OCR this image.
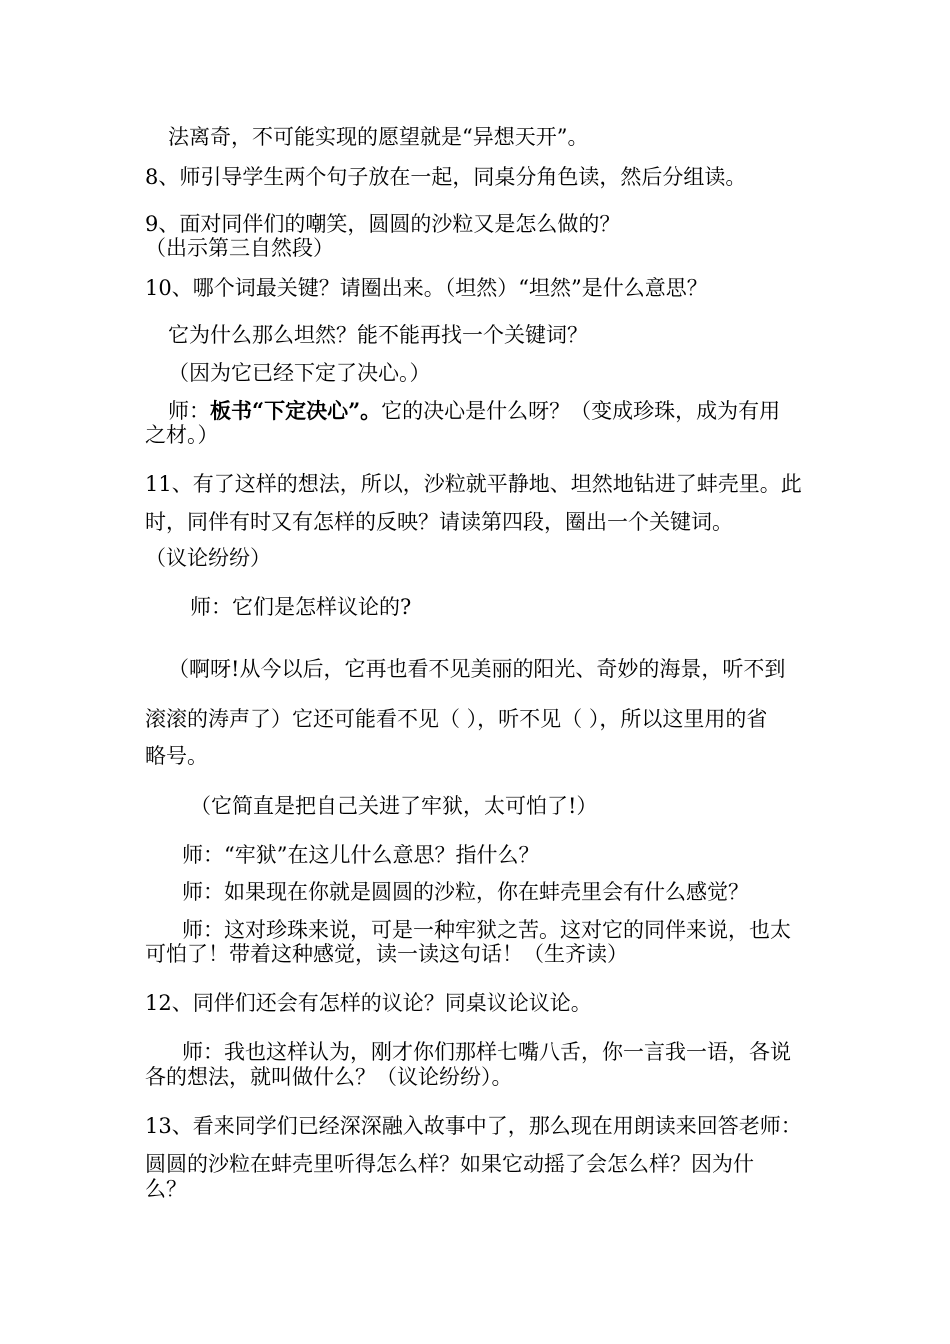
法离奇，不可能实现的愿望就是“异想天开”。
8、师引导学生两个句子放在一起，同桌分角色读，然后分组读。
9、面对同伴们的嘲笑，圆圆的沙粒又是怎么做的？
（出示第三自然段）
10、哪个词最关键？请圈出来。（坦然）“坦然”是什么意思？
它为什么那么坦然？能不能再找一个关键词？
（因为它已经下定了决心。）
师：板书“下定决心”。它的决心是什么呀？（变成珍珠，成为有用
之材。）
11、有了这样的想法，所以，沙粒就平静地、坦然地钻进了蚌壳里。此
时，同伴有时又有怎样的反映？请读第四段，圈出一个关键词。
（议论纷纷）
师：它们是怎样议论的?
（啊呀!从今以后，它再也看不见美丽的阳光、奇妙的海景，听不到
滚滚的涛声了）它还可能看不见（ ），听不见（ ），所以这里用的省
略号。
（它简直是把自己关进了牢狱，太可怕了!）
师：“牢狱”在这儿什么意思？指什么？
师：如果现在你就是圆圆的沙粒，你在蚌壳里会有什么感觉？
师：这对珍珠来说，可是一种牢狱之苦。这对它的同伴来说，也太
可怕了！带着这种感觉，读一读这句话！（生齐读）
12、同伴们还会有怎样的议论？同桌议论议论。
师：我也这样认为，刚才你们那样七嘴八舌，你一言我一语，各说
各的想法，就叫做什么？（议论纷纷）。
13、看来同学们已经深深融入故事中了，那么现在用朗读来回答老师：
圆圆的沙粒在蚌壳里听得怎么样？如果它动摇了会怎么样？因为什
么？
